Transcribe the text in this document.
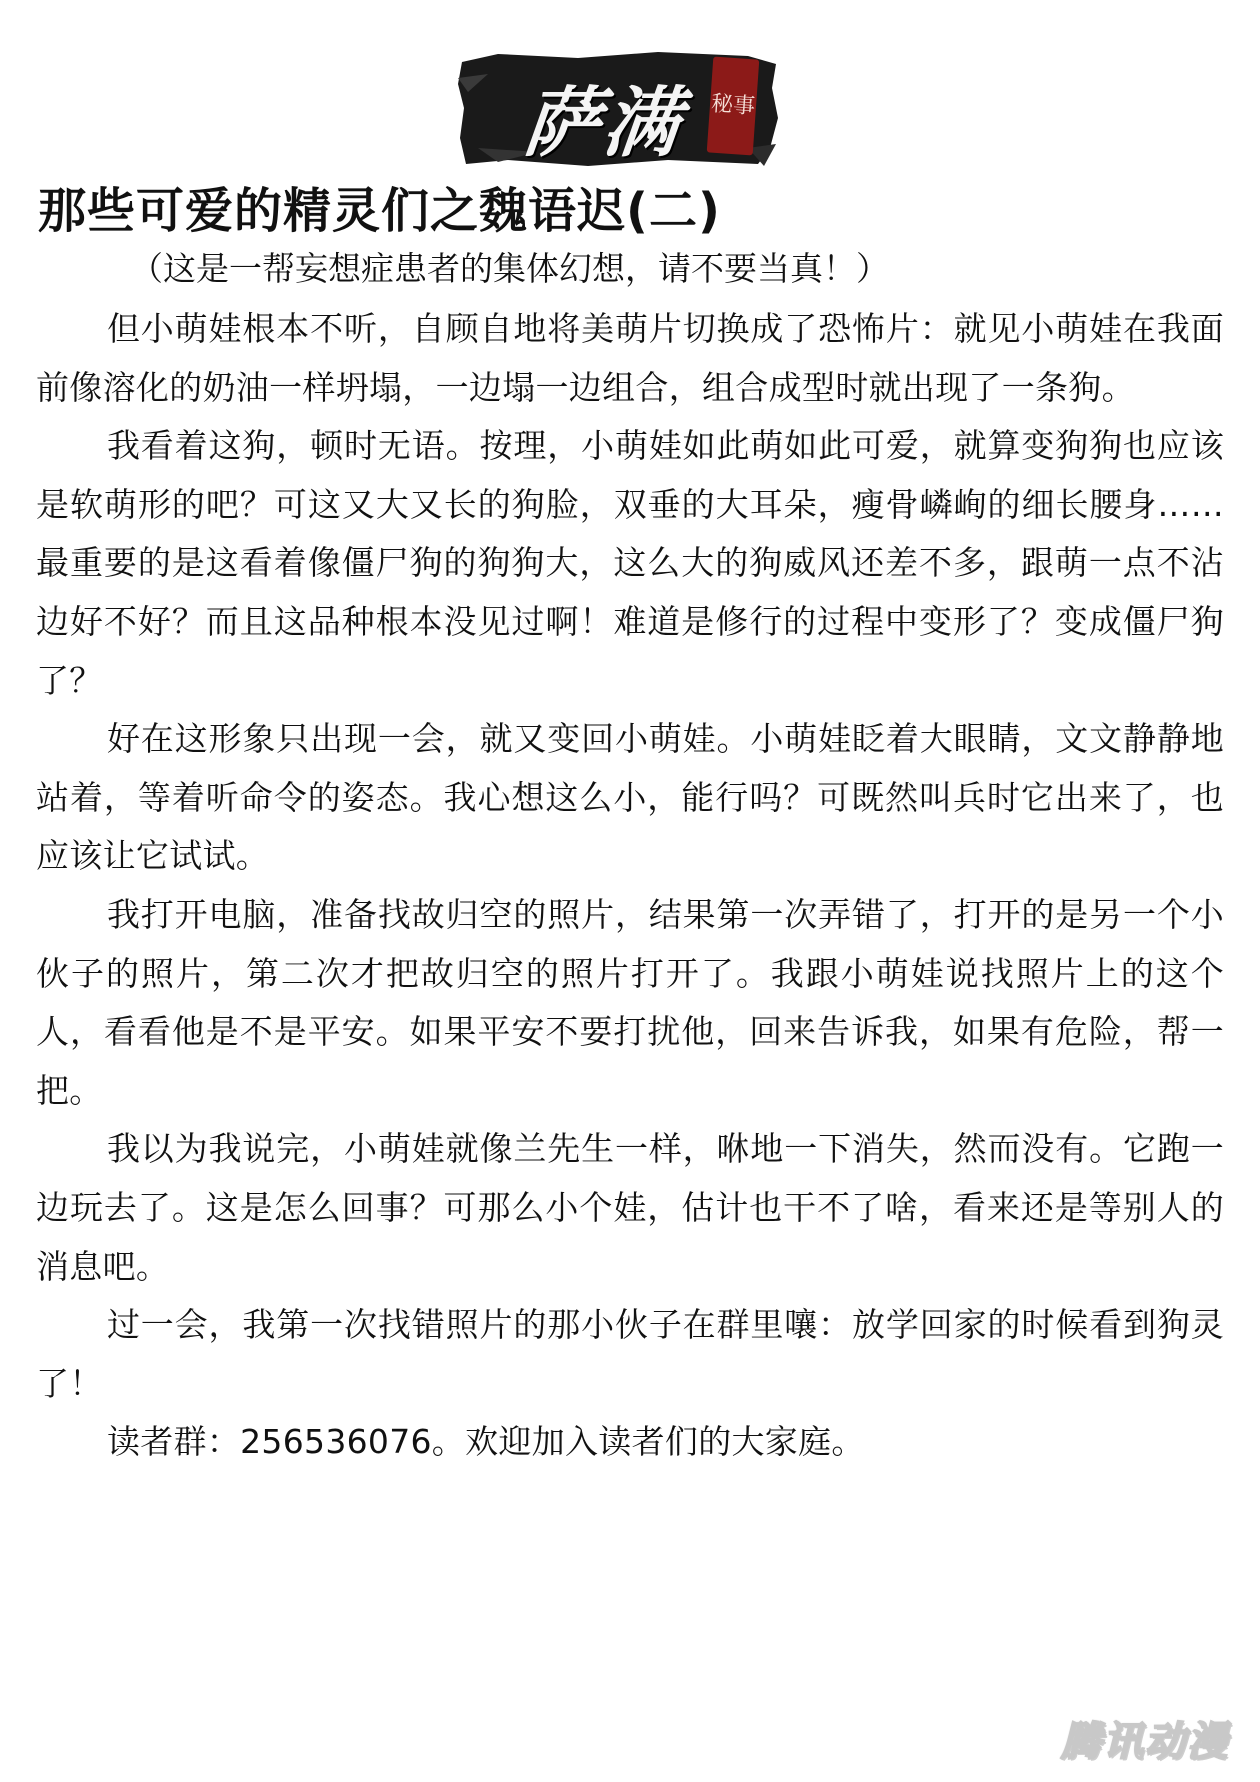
萨满 秘事
那些可爱的精灵们之魏语迟(二)
（这是一帮妄想症患者的集体幻想，请不要当真！）

但小萌娃根本不听，自顾自地将美萌片切换成了恐怖片：就见小萌娃在我面前像溶化的奶油一样坍塌，一边塌一边组合，组合成型时就出现了一条狗。

我看着这狗，顿时无语。按理，小萌娃如此萌如此可爱，就算变狗狗也应该是软萌形的吧？可这又大又长的狗脸，双垂的大耳朵，瘦骨嶙峋的细长腰身……最重要的是这看着像僵尸狗的狗狗大，这么大的狗威风还差不多，跟萌一点不沾边好不好？而且这品种根本没见过啊！难道是修行的过程中变形了？变成僵尸狗了？

好在这形象只出现一会，就又变回小萌娃。小萌娃眨着大眼睛，文文静静地站着，等着听命令的姿态。我心想这么小，能行吗？可既然叫兵时它出来了，也应该让它试试。

我打开电脑，准备找故归空的照片，结果第一次弄错了，打开的是另一个小伙子的照片，第二次才把故归空的照片打开了。我跟小萌娃说找照片上的这个人，看看他是不是平安。如果平安不要打扰他，回来告诉我，如果有危险，帮一把。

我以为我说完，小萌娃就像兰先生一样，咻地一下消失，然而没有。它跑一边玩去了。这是怎么回事？可那么小个娃，估计也干不了啥，看来还是等别人的消息吧。

过一会，我第一次找错照片的那小伙子在群里嚷：放学回家的时候看到狗灵了！

读者群：256536076。欢迎加入读者们的大家庭。

腾讯动漫
